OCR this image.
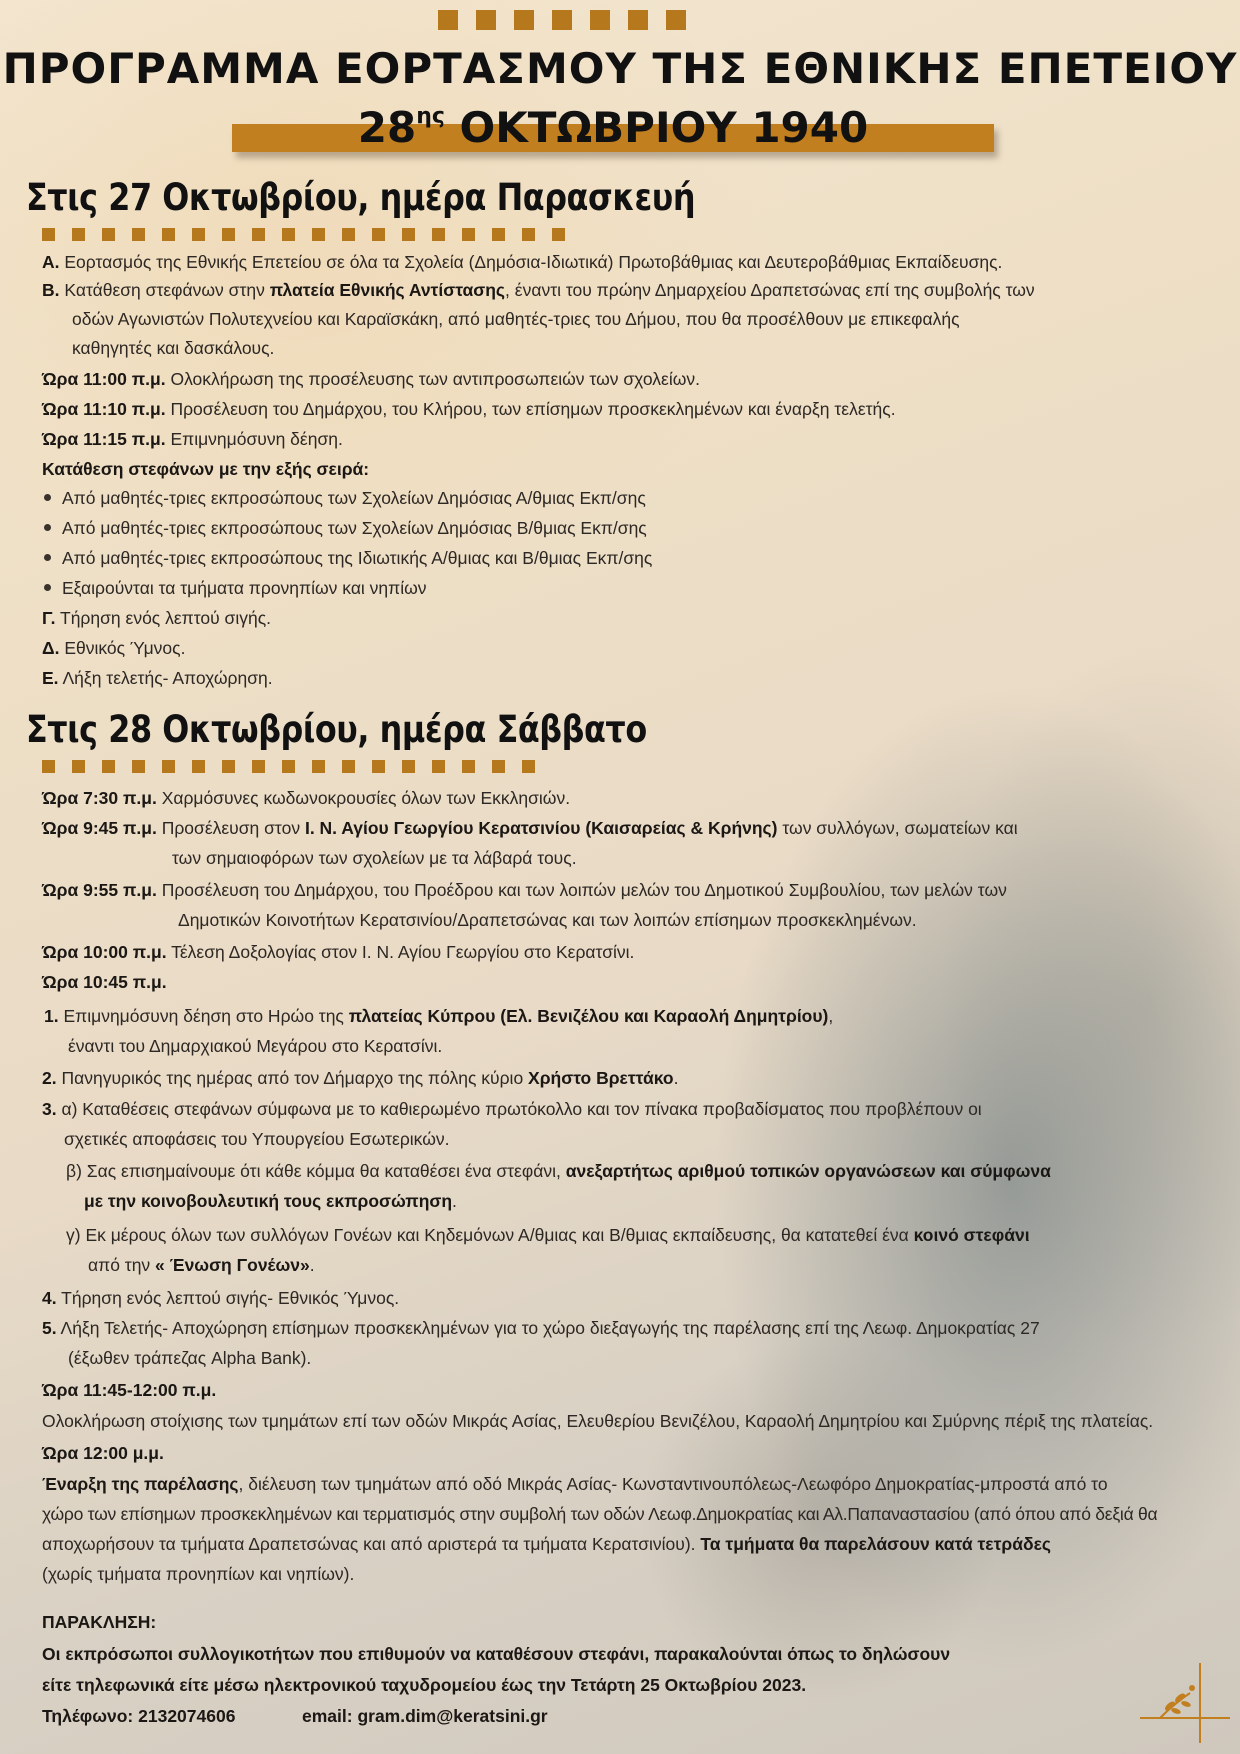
ΠΡΟΓΡΑΜΜΑ ΕΟΡΤΑΣΜΟΥ ΤΗΣ ΕΘΝΙΚΗΣ ΕΠΕΤΕΙΟΥ
$28^{\eta\varsigma}$ ΟΚΤΩΒΡΙΟΥ 1940
Στις 27 Οκτωβρίου, ημέρα Παρασκευή
Α. Εορτασμός της Εθνικής Επετείου σε όλα τα Σχολεία (Δημόσια-Ιδιωτικά) Πρωτοβάθμιας και Δευτεροβάθμιας Εκπαίδευσης.
Β. Κατάθεση στεφάνων στην πλατεία Εθνικής Αντίστασης, έναντι του πρώην Δημαρχείου Δραπετσώνας επί της συμβολής των
οδών Αγωνιστών Πολυτεχνείου και Καραϊσκάκη, από μαθητές-τριες του Δήμου, που θα προσέλθουν με επικεφαλής
καθηγητές και δασκάλους.
Ώρα 11:00 π.μ. Ολοκλήρωση της προσέλευσης των αντιπροσωπειών των σχολείων.
Ώρα 11:10 π.μ. Προσέλευση του Δημάρχου, του Κλήρου, των επίσημων προσκεκλημένων και έναρξη τελετής.
Ώρα 11:15 π.μ. Επιμνημόσυνη δέηση.
Κατάθεση στεφάνων με την εξής σειρά:
Από μαθητές-τριες εκπροσώπους των Σχολείων Δημόσιας Α/θμιας Εκπ/σης
Από μαθητές-τριες εκπροσώπους των Σχολείων Δημόσιας Β/θμιας Εκπ/σης
Από μαθητές-τριες εκπροσώπους της Ιδιωτικής Α/θμιας και Β/θμιας Εκπ/σης
Εξαιρούνται τα τμήματα προνηπίων και νηπίων
Γ. Τήρηση ενός λεπτού σιγής.
Δ. Εθνικός Ύμνος.
Ε. Λήξη τελετής- Αποχώρηση.
Στις 28 Οκτωβρίου, ημέρα Σάββατο
Ώρα 7:30 π.μ. Χαρμόσυνες κωδωνοκρουσίες όλων των Εκκλησιών.
Ώρα 9:45 π.μ. Προσέλευση στον Ι. Ν. Αγίου Γεωργίου Κερατσινίου (Καισαρείας & Κρήνης) των συλλόγων, σωματείων και
των σημαιοφόρων των σχολείων με τα λάβαρά τους.
Ώρα 9:55 π.μ. Προσέλευση του Δημάρχου, του Προέδρου και των λοιπών μελών του Δημοτικού Συμβουλίου, των μελών των
Δημοτικών Κοινοτήτων Κερατσινίου/Δραπετσώνας και των λοιπών επίσημων προσκεκλημένων.
Ώρα 10:00 π.μ. Τέλεση Δοξολογίας στον Ι. Ν. Αγίου Γεωργίου στο Κερατσίνι.
Ώρα 10:45 π.μ.
1. Επιμνημόσυνη δέηση στο Ηρώο της πλατείας Κύπρου (Ελ. Βενιζέλου και Καραολή Δημητρίου),
έναντι του Δημαρχιακού Μεγάρου στο Κερατσίνι.
2. Πανηγυρικός της ημέρας από τον Δήμαρχο της πόλης κύριο Χρήστο Βρεττάκο.
3. α) Καταθέσεις στεφάνων σύμφωνα με το καθιερωμένο πρωτόκολλο και τον πίνακα προβαδίσματος που προβλέπουν οι
σχετικές αποφάσεις του Υπουργείου Εσωτερικών.
β) Σας επισημαίνουμε ότι κάθε κόμμα θα καταθέσει ένα στεφάνι, ανεξαρτήτως αριθμού τοπικών οργανώσεων και σύμφωνα
με την κοινοβουλευτική τους εκπροσώπηση.
γ) Εκ μέρους όλων των συλλόγων Γονέων και Κηδεμόνων Α/θμιας και Β/θμιας εκπαίδευσης, θα κατατεθεί ένα κοινό στεφάνι
από την « Ένωση Γονέων».
4. Τήρηση ενός λεπτού σιγής- Εθνικός Ύμνος.
5. Λήξη Τελετής- Αποχώρηση επίσημων προσκεκλημένων για το χώρο διεξαγωγής της παρέλασης επί της Λεωφ. Δημοκρατίας 27
(έξωθεν τράπεζας Alpha Bank).
Ώρα 11:45-12:00 π.μ.
Ολοκλήρωση στοίχισης των τμημάτων επί των οδών Μικράς Ασίας, Ελευθερίου Βενιζέλου, Καραολή Δημητρίου και Σμύρνης πέριξ της πλατείας.
Ώρα 12:00 μ.μ.
Έναρξη της παρέλασης, διέλευση των τμημάτων από οδό Μικράς Ασίας- Κωνσταντινουπόλεως-Λεωφόρο Δημοκρατίας-μπροστά από το
χώρο των επίσημων προσκεκλημένων και τερματισμός στην συμβολή των οδών Λεωφ.Δημοκρατίας και Αλ.Παπαναστασίου (από όπου από δεξιά θα
αποχωρήσουν τα τμήματα Δραπετσώνας και από αριστερά τα τμήματα Κερατσινίου). Τα τμήματα θα παρελάσουν κατά τετράδες
(χωρίς τμήματα προνηπίων και νηπίων).
ΠΑΡΑΚΛΗΣΗ:
Οι εκπρόσωποι συλλογικοτήτων που επιθυμούν να καταθέσουν στεφάνι, παρακαλούνται όπως το δηλώσουν
είτε τηλεφωνικά είτε μέσω ηλεκτρονικού ταχυδρομείου έως την Τετάρτη 25 Οκτωβρίου 2023.
Τηλέφωνο: 2132074606	email: gram.dim@keratsini.gr
